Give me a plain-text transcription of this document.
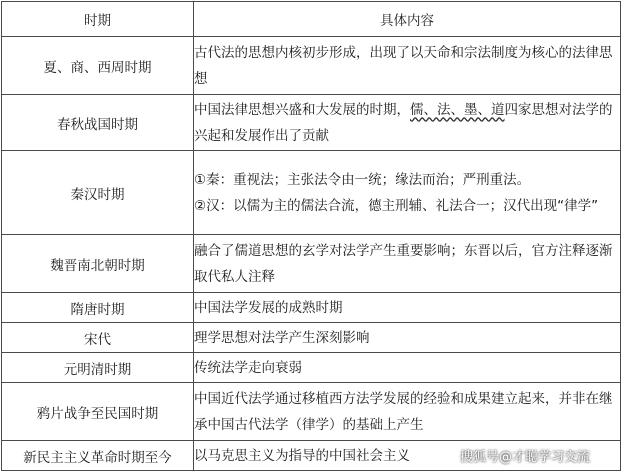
时期	具体内容
夏、商、西周时期	古代法的思想内核初步形成，出现了以天命和宗法制度为核心的法律思想
春秋战国时期	中国法律思想兴盛和大发展的时期，儒、法、墨、道四家思想对法学的兴起和发展作出了贡献
秦汉时期	①秦：重视法；主张法令由一统；缘法而治；严刑重法。
②汉：以儒为主的儒法合流，德主刑辅、礼法合一；汉代出现“律学”

魏晋南北朝时期	融合了儒道思想的玄学对法学产生重要影响；东晋以后，官方注释逐渐取代私人注释
隋唐时期	中国法学发展的成熟时期
宋代	理学思想对法学产生深刻影响
元明清时期	传统法学走向衰弱
鸦片战争至民国时期	中国近代法学通过移植西方法学发展的经验和成果建立起来，并非在继承中国古代法学（律学）的基础上产生
新民主主义革命时期至今	以马克思主义为指导的中国社会主义	搜狐号@才聪学习交流
